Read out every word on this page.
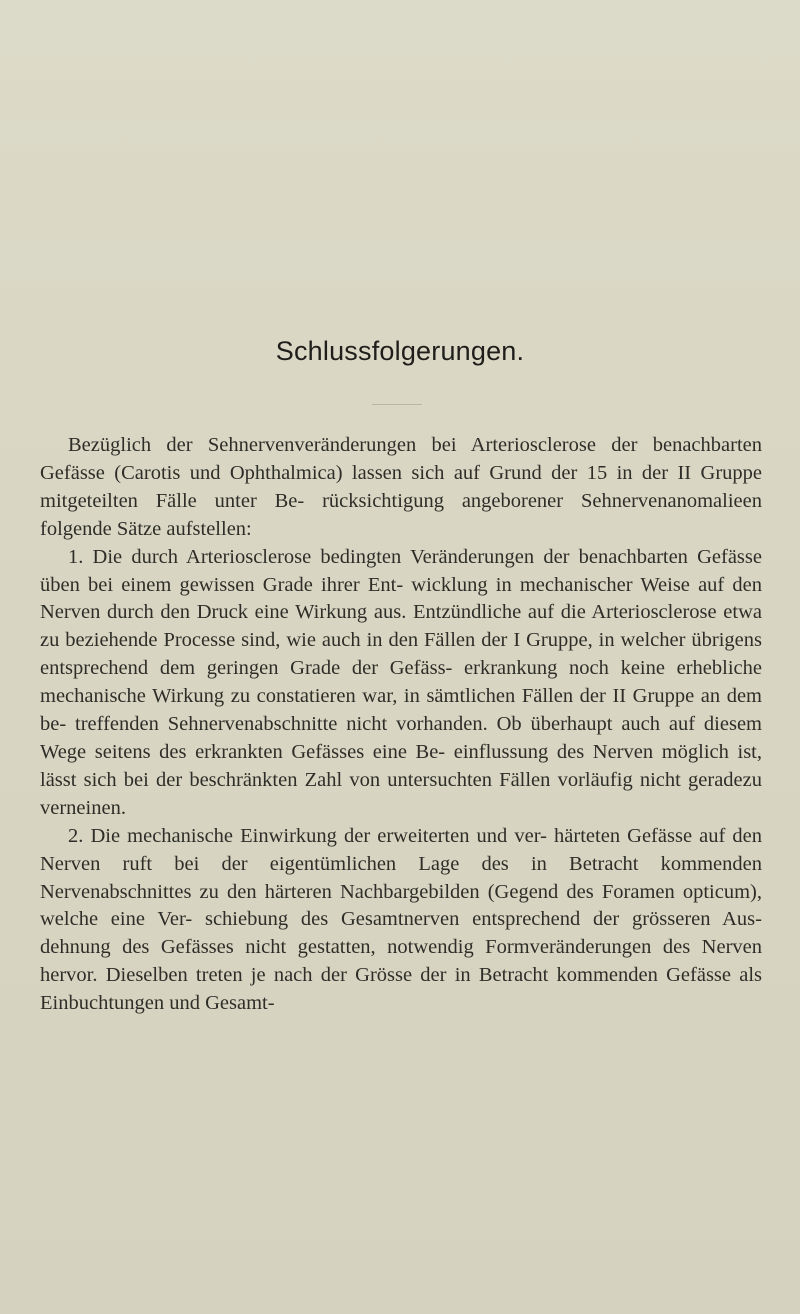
Schlussfolgerungen.

Bezüglich der Sehnervenveränderungen bei Arteriosclerose der benachbarten Gefässe (Carotis und Ophthalmica) lassen sich auf Grund der 15 in der II Gruppe mitgeteilten Fälle unter Be- rücksichtigung angeborener Sehnervenanomalieen folgende Sätze aufstellen:

1. Die durch Arteriosclerose bedingten Veränderungen der benachbarten Gefässe üben bei einem gewissen Grade ihrer Ent- wicklung in mechanischer Weise auf den Nerven durch den Druck eine Wirkung aus. Entzündliche auf die Arteriosclerose etwa zu beziehende Processe sind, wie auch in den Fällen der I Gruppe, in welcher übrigens entsprechend dem geringen Grade der Gefäss- erkrankung noch keine erhebliche mechanische Wirkung zu constatieren war, in sämtlichen Fällen der II Gruppe an dem be- treffenden Sehnervenabschnitte nicht vorhanden. Ob überhaupt auch auf diesem Wege seitens des erkrankten Gefässes eine Be- einflussung des Nerven möglich ist, lässt sich bei der beschränkten Zahl von untersuchten Fällen vorläufig nicht geradezu verneinen.

2. Die mechanische Einwirkung der erweiterten und ver- härteten Gefässe auf den Nerven ruft bei der eigentümlichen Lage des in Betracht kommenden Nervenabschnittes zu den härteren Nachbargebilden (Gegend des Foramen opticum), welche eine Ver- schiebung des Gesamtnerven entsprechend der grösseren Aus- dehnung des Gefässes nicht gestatten, notwendig Formveränderungen des Nerven hervor. Dieselben treten je nach der Grösse der in Betracht kommenden Gefässe als Einbuchtungen und Gesamt-
